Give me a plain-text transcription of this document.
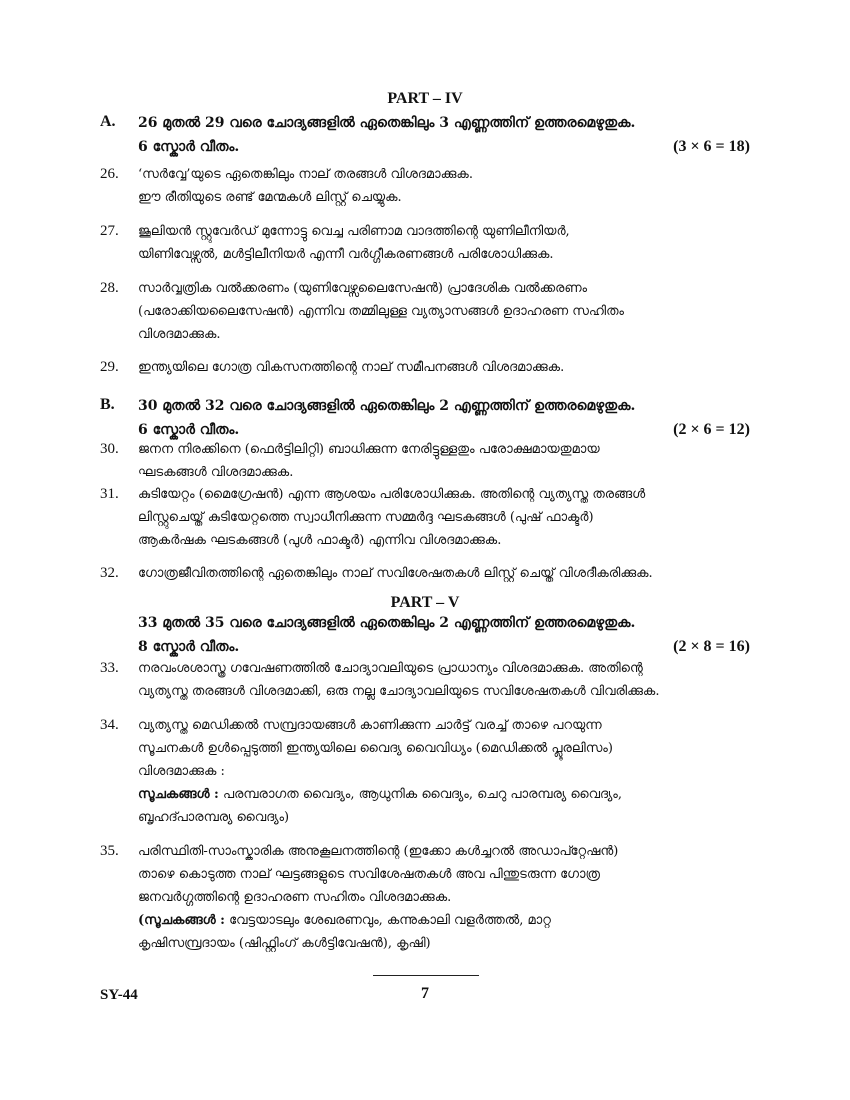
PART – IV
A. 26 മുതൽ 29 വരെ ചോദ്യങ്ങളിൽ ഏതെങ്കിലും 3 എണ്ണത്തിന് ഉത്തരമെഴുതുക.
6 സ്കോർ വീതം.	(3 × 6 = 18)
26. ‘സർവ്വേ’യുടെ ഏതെങ്കിലും നാല് തരങ്ങൾ വിശദമാക്കുക.
ഈ രീതിയുടെ രണ്ട് മേന്മകൾ ലിസ്റ്റ് ചെയ്യുക.
27. ജൂലിയൻ സ്റ്റുവേർഡ് മുന്നോട്ടു വെച്ച പരിണാമ വാദത്തിന്റെ യുണിലീനിയർ,
യിണിവേഴ്സൽ, മൾട്ടിലീനിയർ എന്നീ വർഗ്ഗീകരണങ്ങൾ പരിശോധിക്കുക.
28. സാർവ്വത്രിക വൽക്കരണം (യുണിവേഴ്സലൈസേഷൻ) പ്രാദേശിക വൽക്കരണം
(പരോക്കിയലൈസേഷൻ) എന്നിവ തമ്മിലുള്ള വ്യത്യാസങ്ങൾ ഉദാഹരണ സഹിതം
വിശദമാക്കുക.
29. ഇന്ത്യയിലെ ഗോത്ര വികസനത്തിന്റെ നാല് സമീപനങ്ങൾ വിശദമാക്കുക.
B. 30 മുതൽ 32 വരെ ചോദ്യങ്ങളിൽ ഏതെങ്കിലും 2 എണ്ണത്തിന് ഉത്തരമെഴുതുക.
6 സ്കോർ വീതം.	(2 × 6 = 12)
30. ജനന നിരക്കിനെ (ഫെർട്ടിലിറ്റി) ബാധിക്കുന്ന നേരിട്ടുള്ളതും പരോക്ഷമായതുമായ
ഘടകങ്ങൾ വിശദമാക്കുക.
31. കുടിയേറ്റം (മൈഗ്രേഷൻ) എന്ന ആശയം പരിശോധിക്കുക. അതിന്റെ വ്യത്യസ്ത തരങ്ങൾ
ലിസ്റ്റുചെയ്ത് കുടിയേറ്റത്തെ സ്വാധീനിക്കുന്ന സമ്മർദ്ദ ഘടകങ്ങൾ (പുഷ് ഫാക്ടർ)
ആകർഷക ഘടകങ്ങൾ (പുൾ ഫാക്ടർ) എന്നിവ വിശദമാക്കുക.
32. ഗോത്രജീവിതത്തിന്റെ ഏതെങ്കിലും നാല് സവിശേഷതകൾ ലിസ്റ്റ് ചെയ്ത് വിശദീകരിക്കുക.
PART – V
33 മുതൽ 35 വരെ ചോദ്യങ്ങളിൽ ഏതെങ്കിലും 2 എണ്ണത്തിന് ഉത്തരമെഴുതുക.
8 സ്കോർ വീതം.	(2 × 8 = 16)
33. നരവംശശാസ്ത്ര ഗവേഷണത്തിൽ ചോദ്യാവലിയുടെ പ്രാധാന്യം വിശദമാക്കുക. അതിന്റെ
വ്യത്യസ്ത തരങ്ങൾ വിശദമാക്കി, ഒരു നല്ല ചോദ്യാവലിയുടെ സവിശേഷതകൾ വിവരിക്കുക.
34. വ്യത്യസ്ത മെഡിക്കൽ സമ്പ്രദായങ്ങൾ കാണിക്കുന്ന ചാർട്ട് വരച്ച് താഴെ പറയുന്ന
സൂചനകൾ ഉൾപ്പെടുത്തി ഇന്ത്യയിലെ വൈദ്യ വൈവിധ്യം (മെഡിക്കൽ പ്ലൂരലിസം)
വിശദമാക്കുക :
സൂചകങ്ങൾ : പരമ്പരാഗത വൈദ്യം, ആധുനിക വൈദ്യം, ചെറു പാരമ്പര്യ വൈദ്യം,
ബൃഹദ്പാരമ്പര്യ വൈദ്യം)
35. പരിസ്ഥിതി-സാംസ്കാരിക അനുകൂലനത്തിന്റെ (ഇക്കോ കൾച്ചറൽ അഡാപ്റ്റേഷൻ)
താഴെ കൊടുത്ത നാല് ഘട്ടങ്ങളുടെ സവിശേഷതകൾ അവ പിന്തുടരുന്ന ഗോത്ര
ജനവർഗ്ഗത്തിന്റെ ഉദാഹരണ സഹിതം വിശദമാക്കുക.
(സൂചകങ്ങൾ : വേട്ടയാടലും ശേഖരണവും, കന്നുകാലി വളർത്തൽ, മാറ്റ
കൃഷിസമ്പ്രദായം (ഷിഫ്റ്റിംഗ് കൾട്ടിവേഷൻ), കൃഷി)
SY-44	7
